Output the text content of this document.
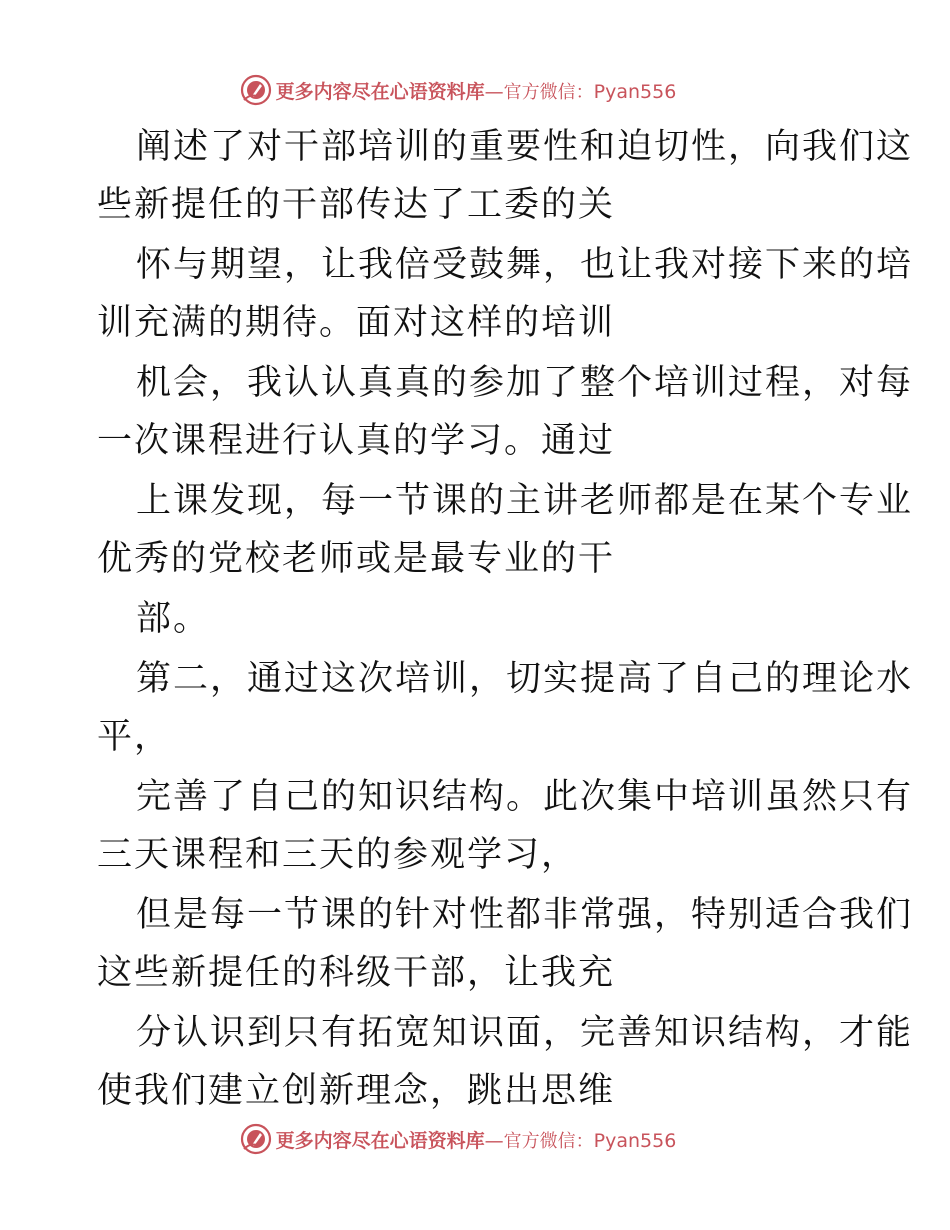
更多内容尽在心语资料库—官方微信：Pyan556
阐述了对干部培训的重要性和迫切性，向我们这
些新提任的干部传达了工委的关
怀与期望，让我倍受鼓舞，也让我对接下来的培
训充满的期待。面对这样的培训
机会，我认认真真的参加了整个培训过程，对每
一次课程进行认真的学习。通过
上课发现，每一节课的主讲老师都是在某个专业
优秀的党校老师或是最专业的干
部。
第二，通过这次培训，切实提高了自己的理论水
平，
完善了自己的知识结构。此次集中培训虽然只有
三天课程和三天的参观学习，
但是每一节课的针对性都非常强，特别适合我们
这些新提任的科级干部，让我充
分认识到只有拓宽知识面，完善知识结构，才能
使我们建立创新理念，跳出思维
更多内容尽在心语资料库—官方微信：Pyan556
